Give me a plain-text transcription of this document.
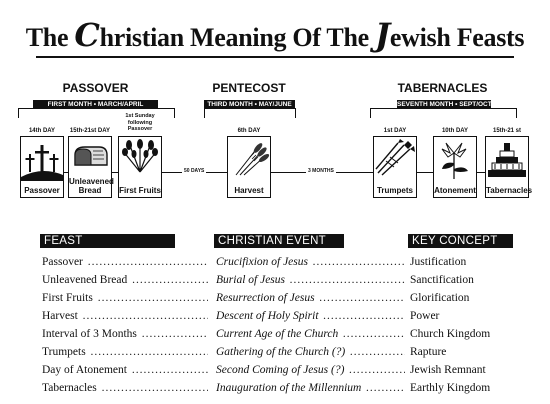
The Christian Meaning Of The Jewish Feasts
50 DAYS	3 MONTHS
PASSOVER
FIRST MONTH • MARCH/APRIL
14th DAY	15th-21st DAY
1st Sunday following Passover
Passover
Unleavened Bread	First Fruits
PENTECOST
THIRD MONTH • MAY/JUNE
6th DAY
Harvest
TABERNACLES
SEVENTH MONTH • SEPT/OCT
1st DAY	10th DAY	15th-21 st
Trumpets	Atonement Tabernacles
FEAST	CHRISTIAN EVENT	KEY CONCEPT
Passover .....	Crucifixion of Jesus .....	Justification
Unleavened Bread .....	Burial of Jesus .....	Sanctification
First Fruits .....	Resurrection of Jesus .....	Glorification
Harvest .....	Descent of Holy Spirit .....	Power
Interval of 3 Months .....	Current Age of the Church .....	Church Kingdom
Trumpets .....	Gathering of the Church (?) .....	Rapture
Day of Atonement .....	Second Coming of Jesus (?) .....	Jewish Remnant
Tabernacles .....	Inauguration of the Millennium .....	Earthly Kingdom
